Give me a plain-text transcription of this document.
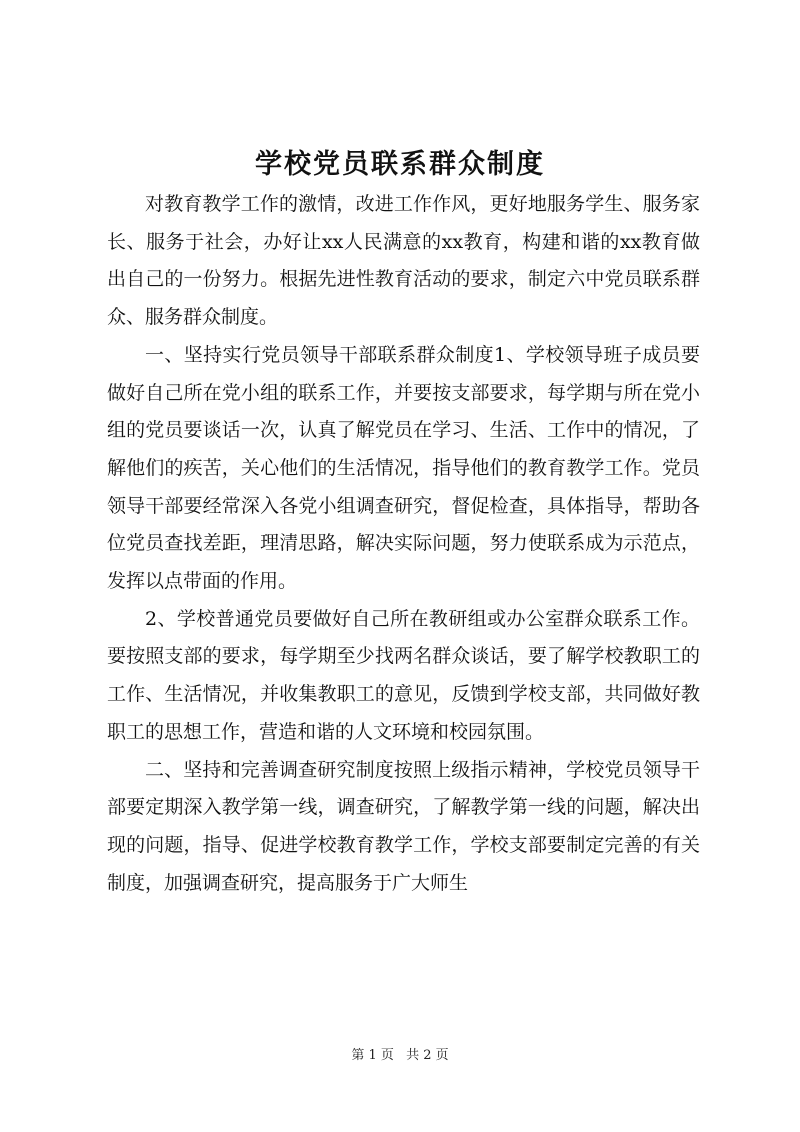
学校党员联系群众制度

对教育教学工作的激情，改进工作作风，更好地服务学生、服务家长、服务于社会，办好让xx人民满意的xx教育，构建和谐的xx教育做出自己的一份努力。根据先进性教育活动的要求，制定六中党员联系群众、服务群众制度。

一、坚持实行党员领导干部联系群众制度1、学校领导班子成员要做好自己所在党小组的联系工作，并要按支部要求，每学期与所在党小组的党员要谈话一次，认真了解党员在学习、生活、工作中的情况，了解他们的疾苦，关心他们的生活情况，指导他们的教育教学工作。党员领导干部要经常深入各党小组调查研究，督促检查，具体指导，帮助各位党员查找差距，理清思路，解决实际问题，努力使联系成为示范点，发挥以点带面的作用。

2、学校普通党员要做好自己所在教研组或办公室群众联系工作。要按照支部的要求，每学期至少找两名群众谈话，要了解学校教职工的工作、生活情况，并收集教职工的意见，反馈到学校支部，共同做好教职工的思想工作，营造和谐的人文环境和校园氛围。

二、坚持和完善调查研究制度按照上级指示精神，学校党员领导干部要定期深入教学第一线，调查研究，了解教学第一线的问题，解决出现的问题，指导、促进学校教育教学工作，学校支部要制定完善的有关制度，加强调查研究，提高服务于广大师生

第 1 页 共 2 页
